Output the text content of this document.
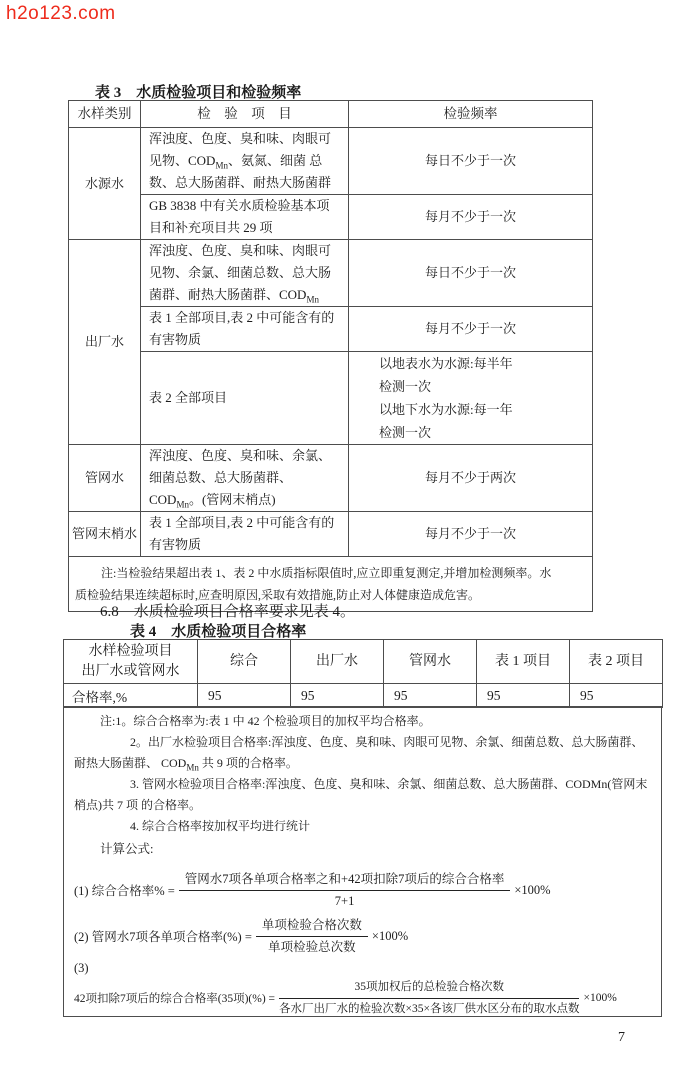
h2o123.com
表 3　水质检验项目和检验频率
水样类别	检　验　项　目	检验频率
水源水	浑浊度、色度、臭和味、肉眼可见物、$COD_{Mn}$、氨氮、细菌 总数、总大肠菌群、耐热大肠菌群	每日不少于一次
	GB 3838 中有关水质检验基本项目和补充项目共 29 项	每月不少于一次
出厂水	浑浊度、色度、臭和味、肉眼可见物、余氯、细菌总数、总大肠菌群、耐热大肠菌群、$COD_{Mn}$	每日不少于一次
	表 1 全部项目,表 2 中可能含有的有害物质	每月不少于一次
	表 2 全部项目	以地表水为水源:每半年
检测一次
以地下水为水源:每一年
检测一次

管网水	浑浊度、色度、臭和味、余氯、细菌总数、总大肠菌群、 $COD_{Mn}$。(管网末梢点)	每月不少于两次
管网末梢水	表 1 全部项目,表 2 中可能含有的有害物质	每月不少于一次

注:当检验结果超出表 1、表 2 中水质指标限值时,应立即重复测定,并增加检测频率。水
质检验结果连续超标时,应查明原因,采取有效措施,防止对人体健康造成危害。		
6.8　水质检验项目合格率要求见表 4。
表 4　水质检验项目合格率
水样检验项目
出厂水或管网水	综合	出厂水	管网水	表 1 项目	表 2 项目
合格率,%	95	95	95	95	95
注:1。综合合格率为:表 1 中 42 个检验项目的加权平均合格率。
2。出厂水检验项目合格率:浑浊度、色度、臭和味、肉眼可见物、余氯、细菌总数、总大肠菌群、
耐热大肠菌群、 $COD_{Mn}$ 共 9 项的合格率。
3. 管网水检验项目合格率:浑浊度、色度、臭和味、余氯、细菌总数、总大肠菌群、CODMn(管网末
梢点)共 7 项 的合格率。
4. 综合合格率按加权平均进行统计
计算公式:
(1) 综合合格率% = $\frac{\text{管网水7项各单项合格率之和+42项扣除7项后的综合合格率}}{7+1} \times 100\%$
(2) 管网水7项各单项合格率(%) = $\frac{\text{单项检验合格次数}}{\text{单项检验总次数}} \times 100\%$
(3)
42项扣除7项后的综合合格率(35项)(%) = $\frac{\text{35项加权后的总检验合格次数}}{\text{各水厂出厂水的检验次数×35×各该厂供水区分布的取水点数}} \times 100\%$
7
